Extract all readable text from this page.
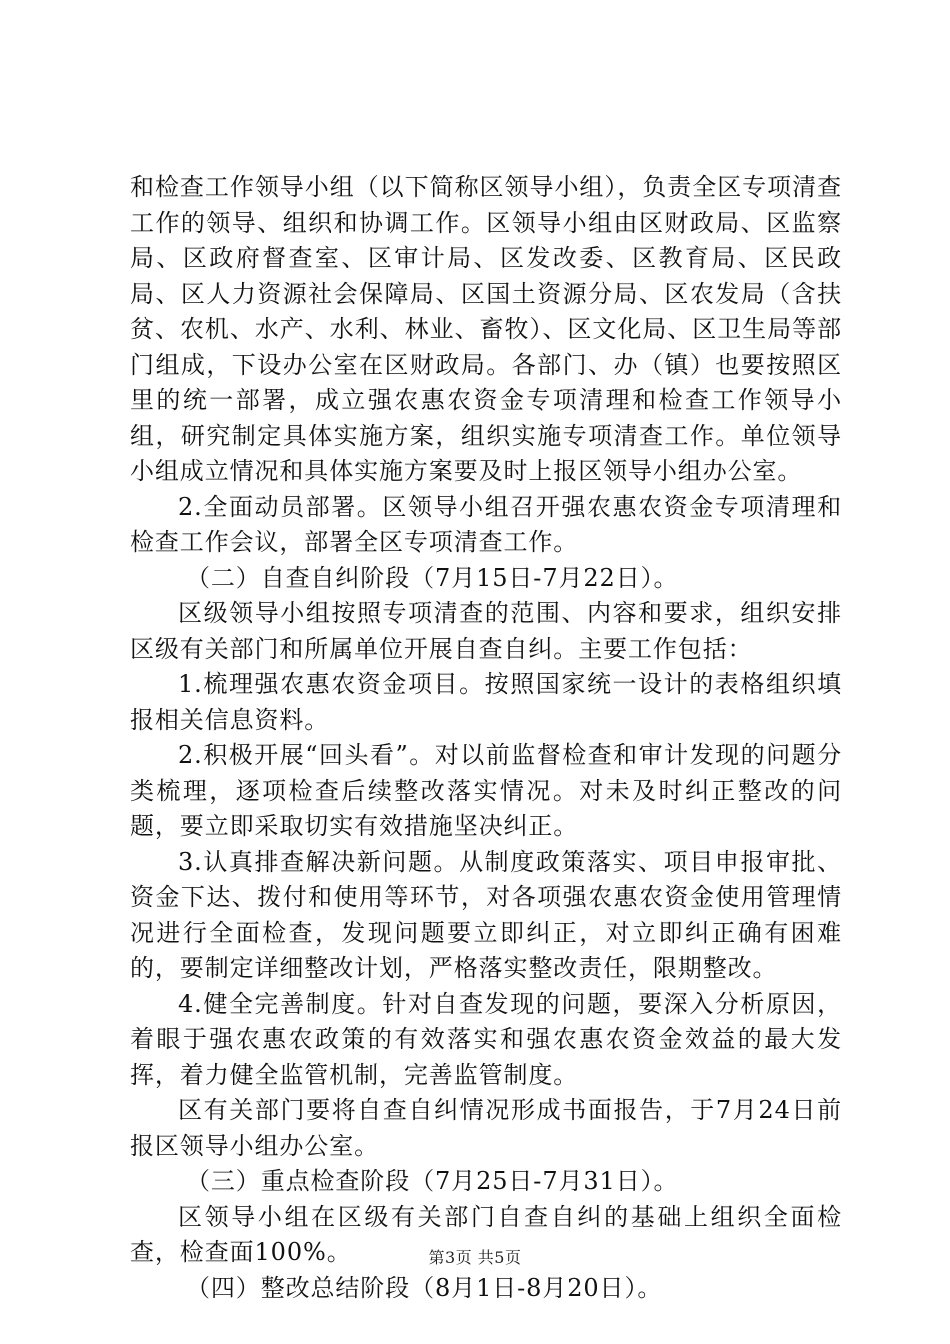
和检查工作领导小组（以下简称区领导小组），负责全区专项清查工作的领导、组织和协调工作。区领导小组由区财政局、区监察局、区政府督查室、区审计局、区发改委、区教育局、区民政局、区人力资源社会保障局、区国土资源分局、区农发局（含扶贫、农机、水产、水利、林业、畜牧）、区文化局、区卫生局等部门组成，下设办公室在区财政局。各部门、办（镇）也要按照区里的统一部署，成立强农惠农资金专项清理和检查工作领导小组，研究制定具体实施方案，组织实施专项清查工作。单位领导小组成立情况和具体实施方案要及时上报区领导小组办公室。

2.全面动员部署。区领导小组召开强农惠农资金专项清理和检查工作会议，部署全区专项清查工作。

（二）自查自纠阶段（7月15日-7月22日）。

区级领导小组按照专项清查的范围、内容和要求，组织安排区级有关部门和所属单位开展自查自纠。主要工作包括：

1.梳理强农惠农资金项目。按照国家统一设计的表格组织填报相关信息资料。

2.积极开展“回头看”。对以前监督检查和审计发现的问题分类梳理，逐项检查后续整改落实情况。对未及时纠正整改的问题，要立即采取切实有效措施坚决纠正。

3.认真排查解决新问题。从制度政策落实、项目申报审批、资金下达、拨付和使用等环节，对各项强农惠农资金使用管理情况进行全面检查，发现问题要立即纠正，对立即纠正确有困难的，要制定详细整改计划，严格落实整改责任，限期整改。

4.健全完善制度。针对自查发现的问题，要深入分析原因，着眼于强农惠农政策的有效落实和强农惠农资金效益的最大发挥，着力健全监管机制，完善监管制度。

区有关部门要将自查自纠情况形成书面报告，于7月24日前报区领导小组办公室。

（三）重点检查阶段（7月25日-7月31日）。

区领导小组在区级有关部门自查自纠的基础上组织全面检查，检查面100%。

（四）整改总结阶段（8月1日-8月20日）。

第3页 共5页
